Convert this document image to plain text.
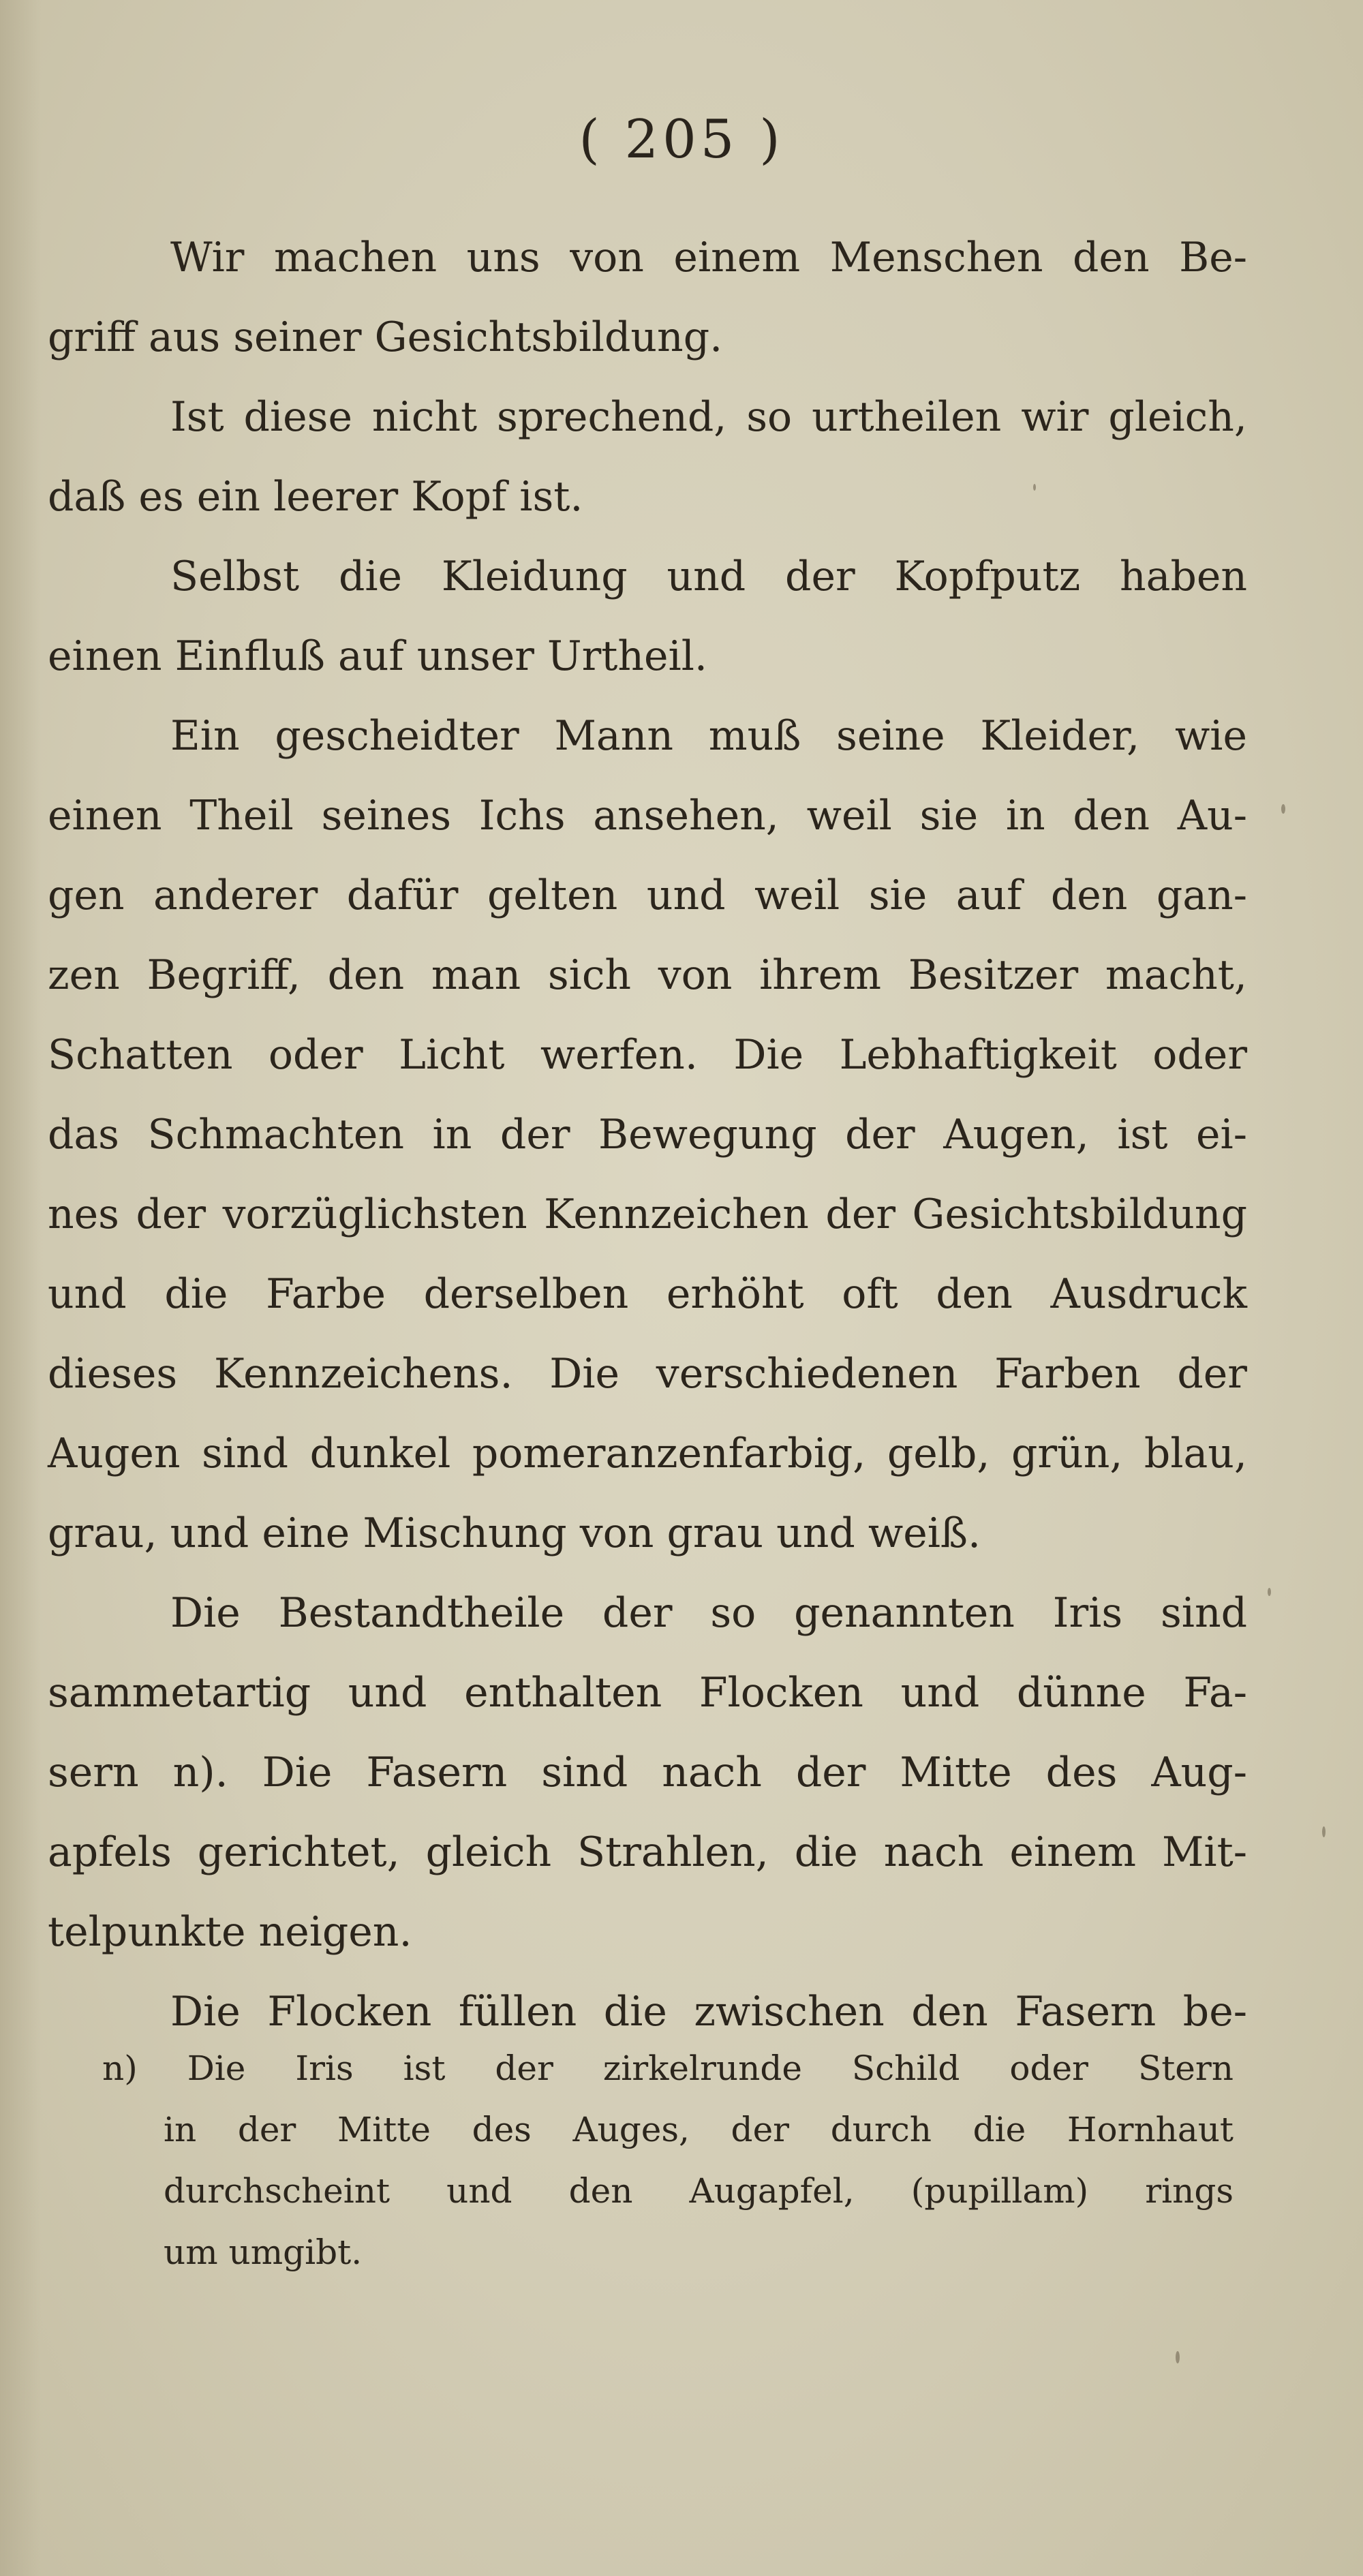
( 205 )

Wir machen uns von einem Menschen den Be-
griff aus seiner Gesichtsbildung.

Ist diese nicht sprechend, so urtheilen wir gleich,
daß es ein leerer Kopf ist.

Selbst die Kleidung und der Kopfputz haben
einen Einfluß auf unser Urtheil.

Ein gescheidter Mann muß seine Kleider, wie
einen Theil seines Ichs ansehen, weil sie in den Au-
gen anderer dafür gelten und weil sie auf den gan-
zen Begriff, den man sich von ihrem Besitzer macht,
Schatten oder Licht werfen. Die Lebhaftigkeit oder
das Schmachten in der Bewegung der Augen, ist ei-
nes der vorzüglichsten Kennzeichen der Gesichtsbildung
und die Farbe derselben erhöht oft den Ausdruck
dieses Kennzeichens. Die verschiedenen Farben der
Augen sind dunkel pomeranzenfarbig, gelb, grün, blau,
grau, und eine Mischung von grau und weiß.

Die Bestandtheile der so genannten Iris sind
sammetartig und enthalten Flocken und dünne Fa-
sern n). Die Fasern sind nach der Mitte des Aug-
apfels gerichtet, gleich Strahlen, die nach einem Mit-
telpunkte neigen.

Die Flocken füllen die zwischen den Fasern be-

n) Die Iris ist der zirkelrunde Schild oder Stern
in der Mitte des Auges, der durch die Hornhaut
durchscheint und den Augapfel, (pupillam) rings
um umgibt.
